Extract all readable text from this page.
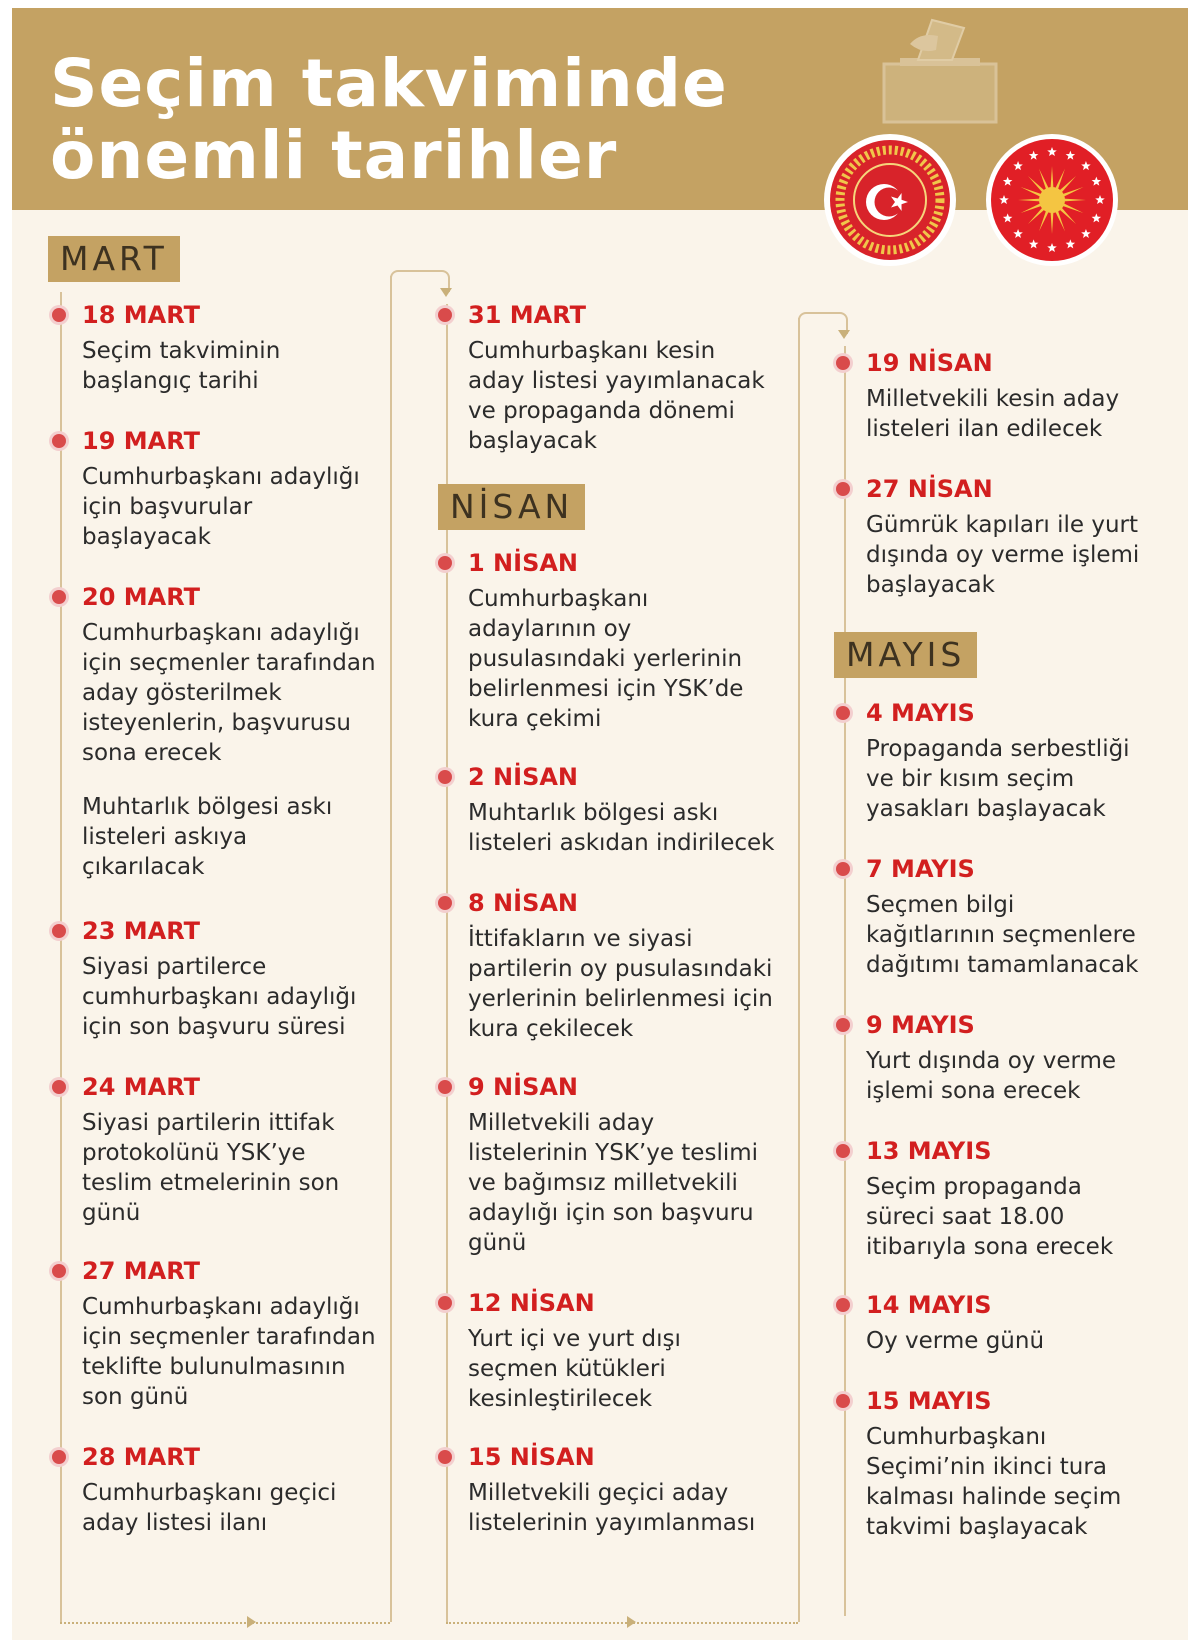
Seçim takviminde
önemli tarihler
MART
18 MART
Seçim takviminin
başlangıç tarihi
19 MART
Cumhurbaşkanı adaylığı
için başvurular
başlayacak
20 MART
Cumhurbaşkanı adaylığı
için seçmenler tarafından
aday gösterilmek
isteyenlerin, başvurusu
sona erecek
Muhtarlık bölgesi askı
listeleri askıya
çıkarılacak
23 MART
Siyasi partilerce
cumhurbaşkanı adaylığı
için son başvuru süresi
24 MART
Siyasi partilerin ittifak
protokolünü YSK’ye
teslim etmelerinin son
günü
27 MART
Cumhurbaşkanı adaylığı
için seçmenler tarafından
teklifte bulunulmasının
son günü
28 MART
Cumhurbaşkanı geçici
aday listesi ilanı
NİSAN
31 MART
Cumhurbaşkanı kesin
aday listesi yayımlanacak
ve propaganda dönemi
başlayacak
1 NİSAN
Cumhurbaşkanı
adaylarının oy
pusulasındaki yerlerinin
belirlenmesi için YSK’de
kura çekimi
2 NİSAN
Muhtarlık bölgesi askı
listeleri askıdan indirilecek
8 NİSAN
İttifakların ve siyasi
partilerin oy pusulasındaki
yerlerinin belirlenmesi için
kura çekilecek
9 NİSAN
Milletvekili aday
listelerinin YSK’ye teslimi
ve bağımsız milletvekili
adaylığı için son başvuru
günü
12 NİSAN
Yurt içi ve yurt dışı
seçmen kütükleri
kesinleştirilecek
15 NİSAN
Milletvekili geçici aday
listelerinin yayımlanması
MAYIS
19 NİSAN
Milletvekili kesin aday
listeleri ilan edilecek
27 NİSAN
Gümrük kapıları ile yurt
dışında oy verme işlemi
başlayacak
4 MAYIS
Propaganda serbestliği
ve bir kısım seçim
yasakları başlayacak
7 MAYIS
Seçmen bilgi
kağıtlarının seçmenlere
dağıtımı tamamlanacak
9 MAYIS
Yurt dışında oy verme
işlemi sona erecek
13 MAYIS
Seçim propaganda
süreci saat 18.00
itibarıyla sona erecek
14 MAYIS
Oy verme günü
15 MAYIS
Cumhurbaşkanı
Seçimi’nin ikinci tura
kalması halinde seçim
takvimi başlayacak
